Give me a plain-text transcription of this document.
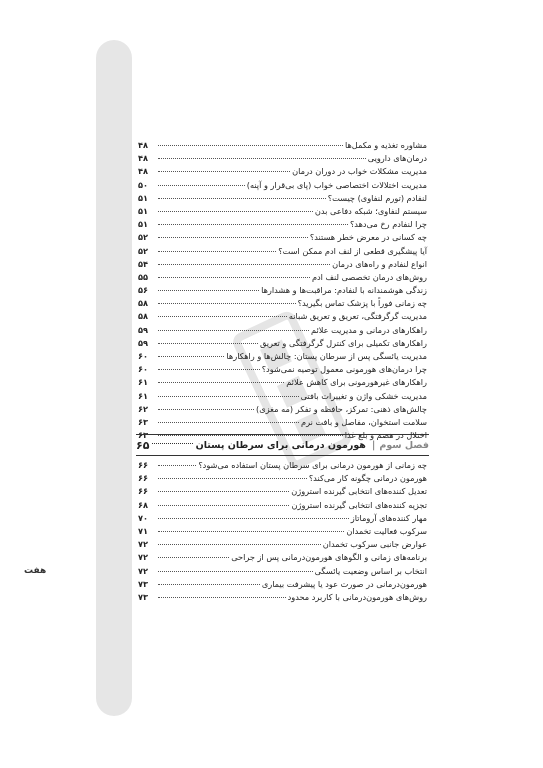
مشاوره تغذیه و مکمل‌ها
۴۸
درمان‌های دارویی
۴۸
مدیریت مشکلات خواب در دوران درمان
۴۸
مدیریت اختلالات اختصاصی خواب (پای بی‌قرار و آپنه)
۵۰
لنفادم (تورم لنفاوی) چیست؟
۵۱
سیستم لنفاوی؛ شبکه دفاعی بدن
۵۱
چرا لنفادم رخ می‌دهد؟
۵۱
چه کسانی در معرض خطر هستند؟
۵۲
آیا پیشگیری قطعی از لنف ادم ممکن است؟
۵۲
انواع لنفادم و راه‌های درمان
۵۴
روش‌های درمان تخصصی لنف ادم
۵۵
زندگی هوشمندانه با لنفادم: مراقبت‌ها و هشدارها
۵۶
چه زمانی فوراً با پزشک تماس بگیرید؟
۵۸
مدیریت گرگرفتگی، تعریق و تعریق شبانه
۵۸
راهکارهای درمانی و مدیریت علائم
۵۹
راهکارهای تکمیلی برای کنترل گرگرفتگی و تعریق
۵۹
مدیریت یائسگی پس از سرطان پستان: چالش‌ها و راهکارها
۶۰
چرا درمان‌های هورمونی معمول توصیه نمی‌شود؟
۶۰
راهکارهای غیرهورمونی برای کاهش علائم
۶۱
مدیریت خشکی واژن و تغییرات بافتی
۶۱
چالش‌های ذهنی: تمرکز، حافظه و تفکر (مه مغزی)
۶۲
سلامت استخوان، مفاصل و بافت نرم
۶۳
اختلال در هضم و بلع غذا
۶۳
فصل سوم
|
هورمون درمانی برای سرطان پستان
۶۵
چه زمانی از هورمون درمانی برای سرطان پستان استفاده می‌شود؟
۶۶
هورمون درمانی چگونه کار می‌کند؟
۶۶
تعدیل کننده‌های انتخابی گیرنده استروژن
۶۶
تجزیه کننده‌های انتخابی گیرنده استروژن
۶۸
مهار کننده‌های آروماتاز
۷۰
سرکوب فعالیت تخمدان
۷۱
عوارض جانبی سرکوب تخمدان
۷۲
برنامه‌های زمانی و الگوهای هورمون‌درمانی پس از جراحی
۷۲
انتخاب بر اساس وضعیت یائسگی
۷۲
هورمون‌درمانی در صورت عود یا پیشرفت بیماری
۷۳
روش‌های هورمون‌درمانی با کاربرد محدود
۷۳
هفت
